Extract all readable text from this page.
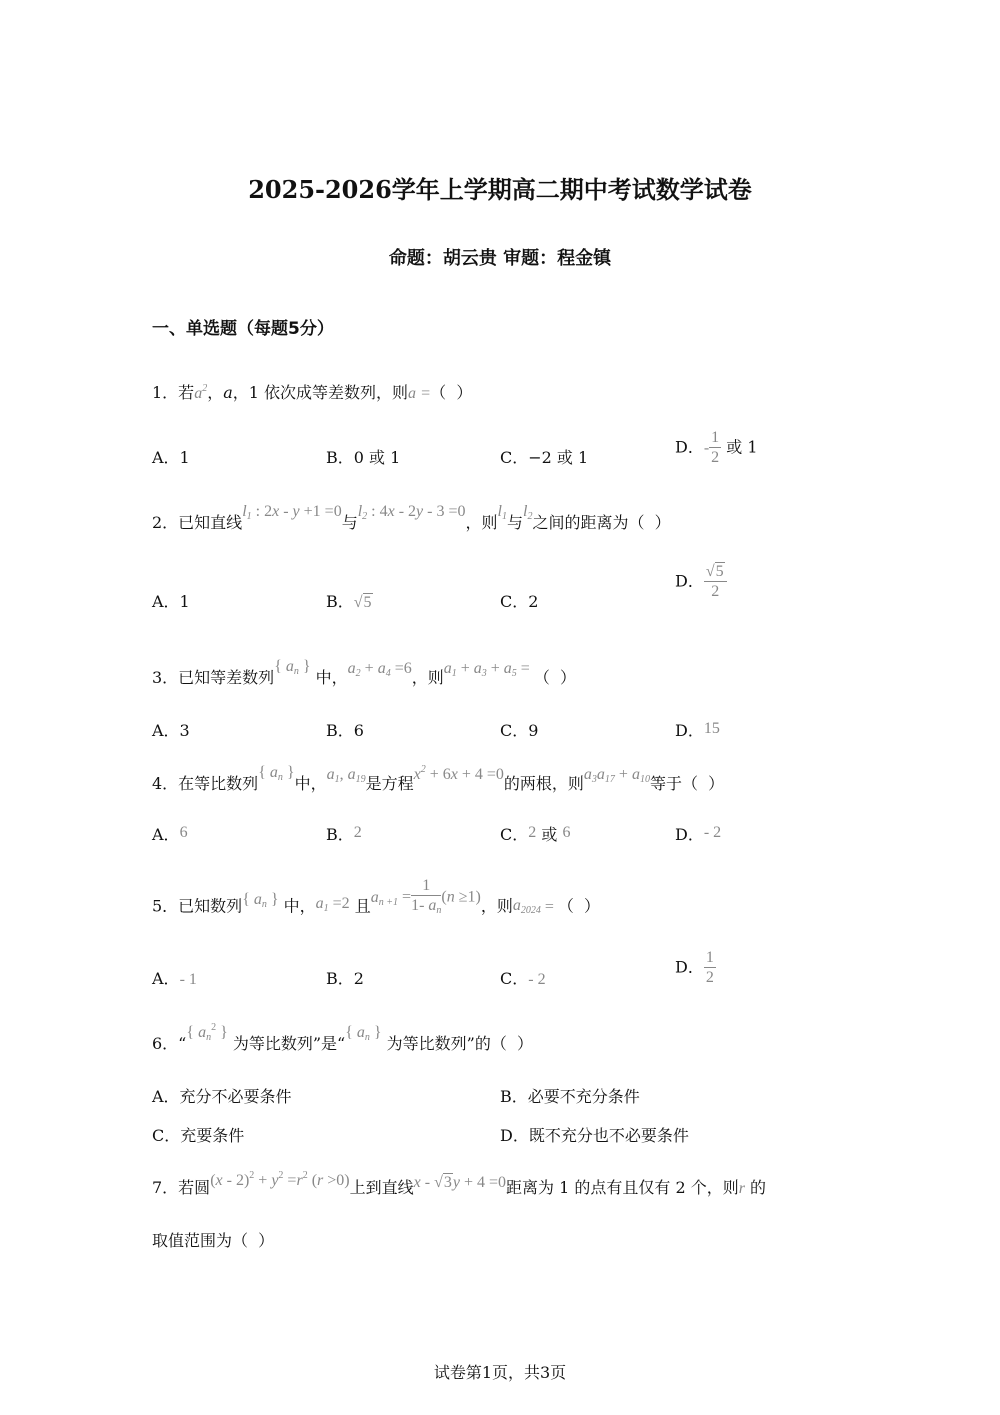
2025-2026学年上学期高二期中考试数学试卷
命题：胡云贵 审题：程金镇
一、单选题（每题5分）
1．若$a^2$，a，1 依次成等差数列，则a =（  ）
A．1	B．0 或 1	C．−2 或 1
D．- $\frac{1}{2}$ 或 1
2．已知直线$l_1$ : 2x - y +1 =0与$l_2$ : 4x - 2y - 3 =0，则$l_1$与$l_2$之间的距离为（  ）
A．1	B．√5	C．2
D． $\frac{√5}{2}$
3．已知等差数列{ $a_n$ } 中，$a_2 + a_4 =6$，则$a_1 + a_3 + a_5$ = （  ）
A．3	B．6	C．9	D．15
4．在等比数列{ $a_n$ }中，$a_1$, $a_{19}$是方程$x^2 + 6x + 4 =0$的两根，则$a_3a_{17} + a_{10}$等于（  ）
A．6	B．2	C．2 或 6	D．- 2
5．已知数列{ $a_n$ } 中，$a_1 =2$ 且$a_{n +1} = \frac{1}{1- a_n} (n \ge 1)$，则$a_{2024}$ = （  ）
A．- 1	B．2	C．- 2
D． $\frac{1}{2}$
6．“{ $a_n^2$ } 为等比数列”是“{ $a_n$ } 为等比数列”的（  ）
A．充分不必要条件	B．必要不充分条件
C．充要条件	D．既不充分也不必要条件
7．若圆$(x - 2)^2 + y^2 =r^2$ (r >0)上到直线x - √3y + 4 =0距离为 1 的点有且仅有 2 个，则r 的
取值范围为（  ）
试卷第1页，共3页
